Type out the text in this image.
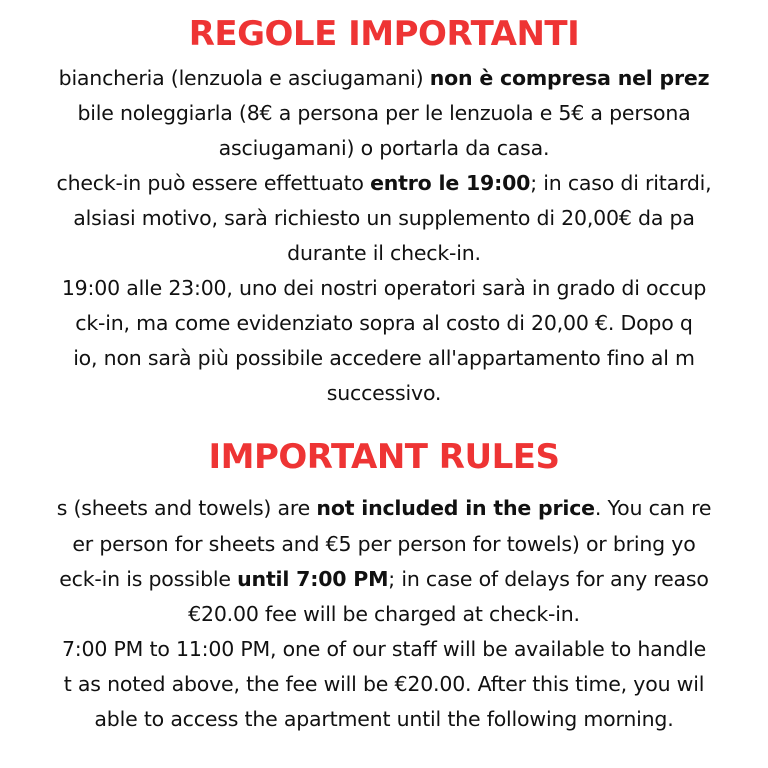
REGOLE IMPORTANTI
biancheria (lenzuola e asciugamani) non è compresa nel prez
bile noleggiarla (8€ a persona per le lenzuola e 5€ a persona
asciugamani) o portarla da casa.
check-in può essere effettuato entro le 19:00; in caso di ritardi,
alsiasi motivo, sarà richiesto un supplemento di 20,00€ da pa
durante il check-in.
19:00 alle 23:00, uno dei nostri operatori sarà in grado di occup
ck-in, ma come evidenziato sopra al costo di 20,00 €. Dopo q
io, non sarà più possibile accedere all'appartamento fino al m
successivo.
IMPORTANT RULES
s (sheets and towels) are not included in the price. You can re
er person for sheets and €5 per person for towels) or bring yo
eck-in is possible until 7:00 PM; in case of delays for any reaso
€20.00 fee will be charged at check-in.
7:00 PM to 11:00 PM, one of our staff will be available to handle
t as noted above, the fee will be €20.00. After this time, you wil
able to access the apartment until the following morning.
